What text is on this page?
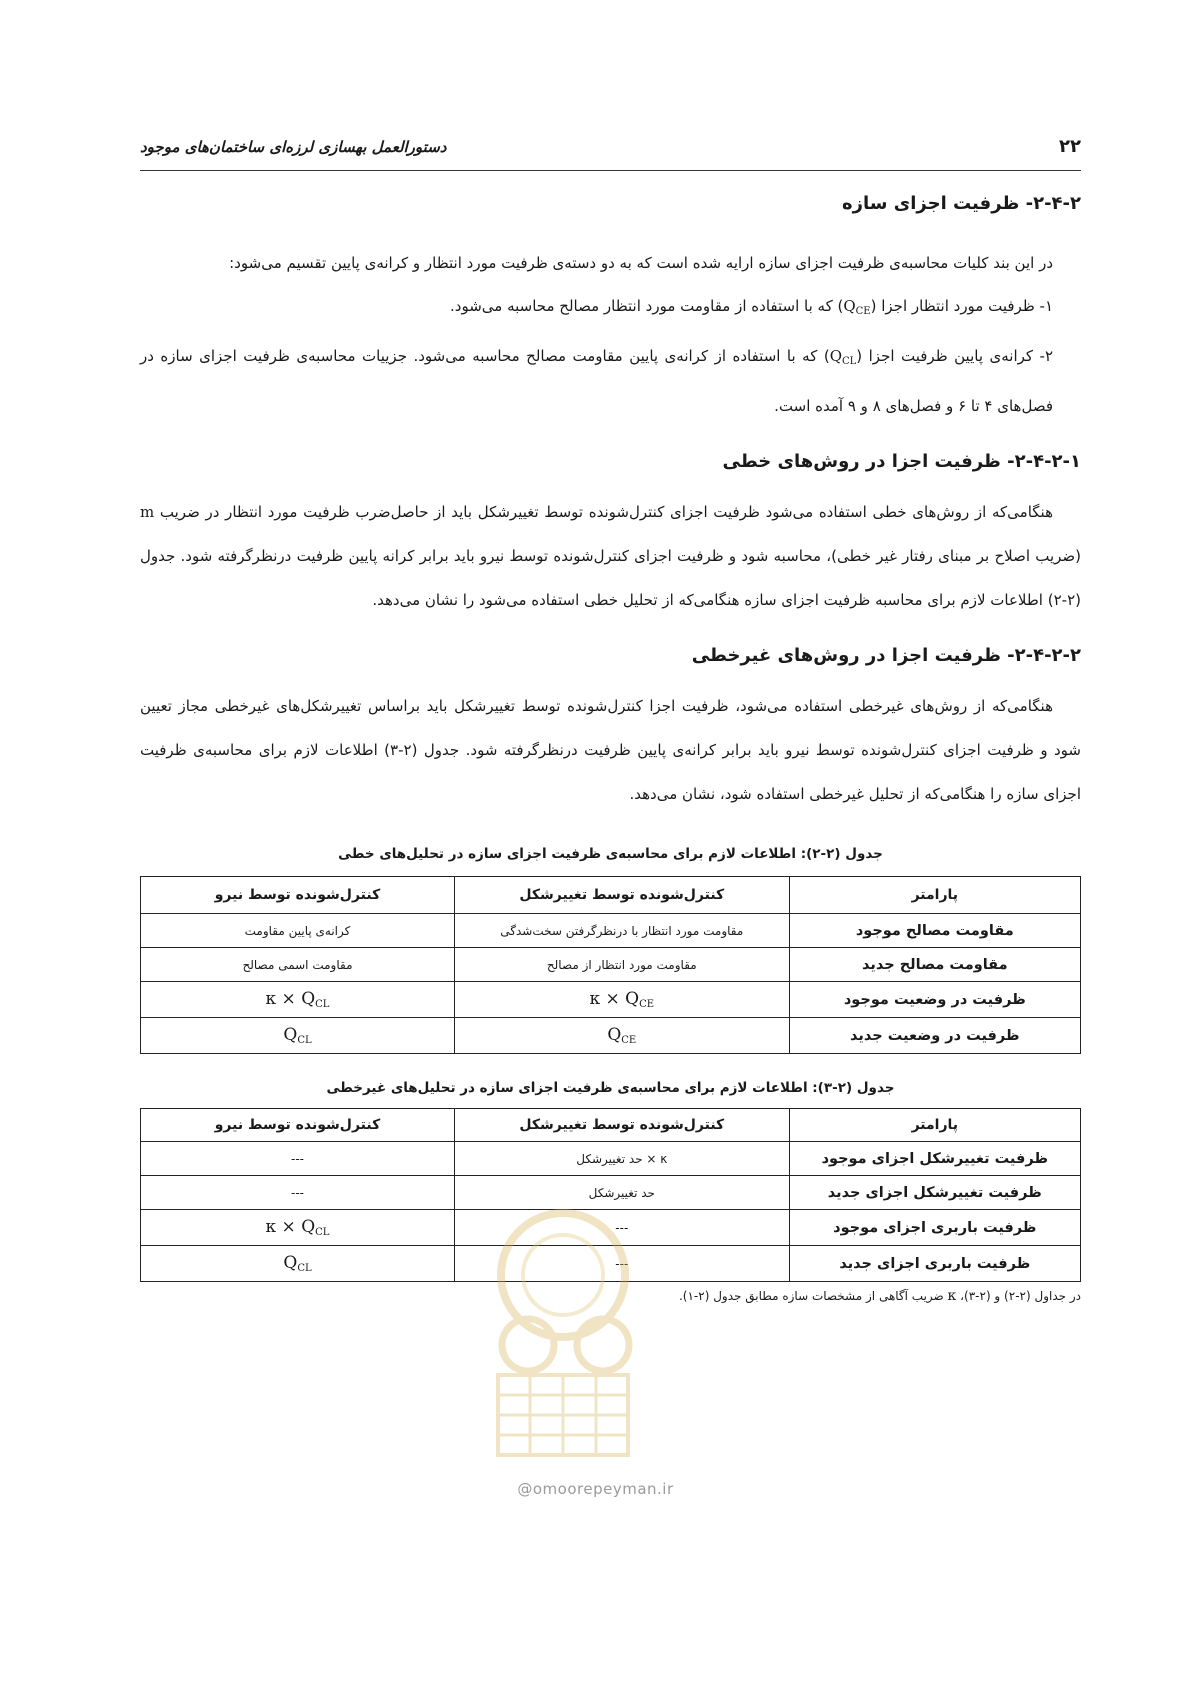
۲۲
دستورالعمل بهسازی لرزه‌ای ساختمان‌های موجود
۲-۴-۲- ظرفیت اجزای سازه

در این بند کلیات محاسبه‌ی ظرفیت اجزای سازه ارایه شده است که به دو دسته‌ی ظرفیت مورد انتظار و کرانه‌ی پایین تقسیم می‌شود:

۱- ظرفیت مورد انتظار اجزا $(Q_{CE})$ که با استفاده از مقاومت مورد انتظار مصالح محاسبه می‌شود.

۲- کرانه‌ی پایین ظرفیت اجزا $(Q_{CL})$ که با استفاده از کرانه‌ی پایین مقاومت مصالح محاسبه می‌شود. جزییات محاسبه‌ی ظرفیت اجزای سازه در فصل‌های ۴ تا ۶ و فصل‌های ۸ و ۹ آمده است.

۲-۴-۲-۱- ظرفیت اجزا در روش‌های خطی

هنگامی‌که از روش‌های خطی استفاده می‌شود ظرفیت اجزای کنترل‌شونده توسط تغییرشکل باید از حاصل‌ضرب ظرفیت مورد انتظار در ضریب m (ضریب اصلاح بر مبنای رفتار غیر خطی)، محاسبه شود و ظرفیت اجزای کنترل‌شونده توسط نیرو باید برابر کرانه پایین ظرفیت درنظرگرفته شود. جدول (۲-۲) اطلاعات لازم برای محاسبه ظرفیت اجزای سازه هنگامی‌که از تحلیل خطی استفاده می‌شود را نشان می‌دهد.

۲-۴-۲-۲- ظرفیت اجزا در روش‌های غیرخطی

هنگامی‌که از روش‌های غیرخطی استفاده می‌شود، ظرفیت اجزا کنترل‌شونده توسط تغییرشکل باید براساس تغییرشکل‌های غیرخطی مجاز تعیین شود و ظرفیت اجزای کنترل‌شونده توسط نیرو باید برابر کرانه‌ی پایین ظرفیت درنظرگرفته شود. جدول (۲-۳) اطلاعات لازم برای محاسبه‌ی ظرفیت اجزای سازه را هنگامی‌که از تحلیل غیرخطی استفاده شود، نشان می‌دهد.

جدول (۲-۲): اطلاعات لازم برای محاسبه‌ی ظرفیت اجزای سازه در تحلیل‌های خطی
پارامتر	کنترل‌شونده توسط تغییرشکل	کنترل‌شونده توسط نیرو
مقاومت مصالح موجود	مقاومت مورد انتظار با درنظرگرفتن سخت‌شدگی	کرانه‌ی پایین مقاومت
مقاومت مصالح جدید	مقاومت مورد انتظار از مصالح	مقاومت اسمی مصالح
ظرفیت در وضعیت موجود	$\kappa \times Q_{CE}$	$\kappa \times Q_{CL}$
ظرفیت در وضعیت جدید	$Q_{CE}$	$Q_{CL}$
جدول (۲-۳): اطلاعات لازم برای محاسبه‌ی ظرفیت اجزای سازه در تحلیل‌های غیرخطی
پارامتر	کنترل‌شونده توسط تغییرشکل	کنترل‌شونده توسط نیرو
ظرفیت تغییرشکل اجزای موجود	κ × حد تغییرشکل	---
ظرفیت تغییرشکل اجزای جدید	حد تغییرشکل	---
ظرفیت باربری اجزای موجود	---	$\kappa \times Q_{CL}$
ظرفیت باربری اجزای جدید	---	$Q_{CL}$
در جداول (۲-۲) و (۲-۳)، κ ضریب آگاهی از مشخصات سازه مطابق جدول (۲-۱).
@omoorepeyman.ir
